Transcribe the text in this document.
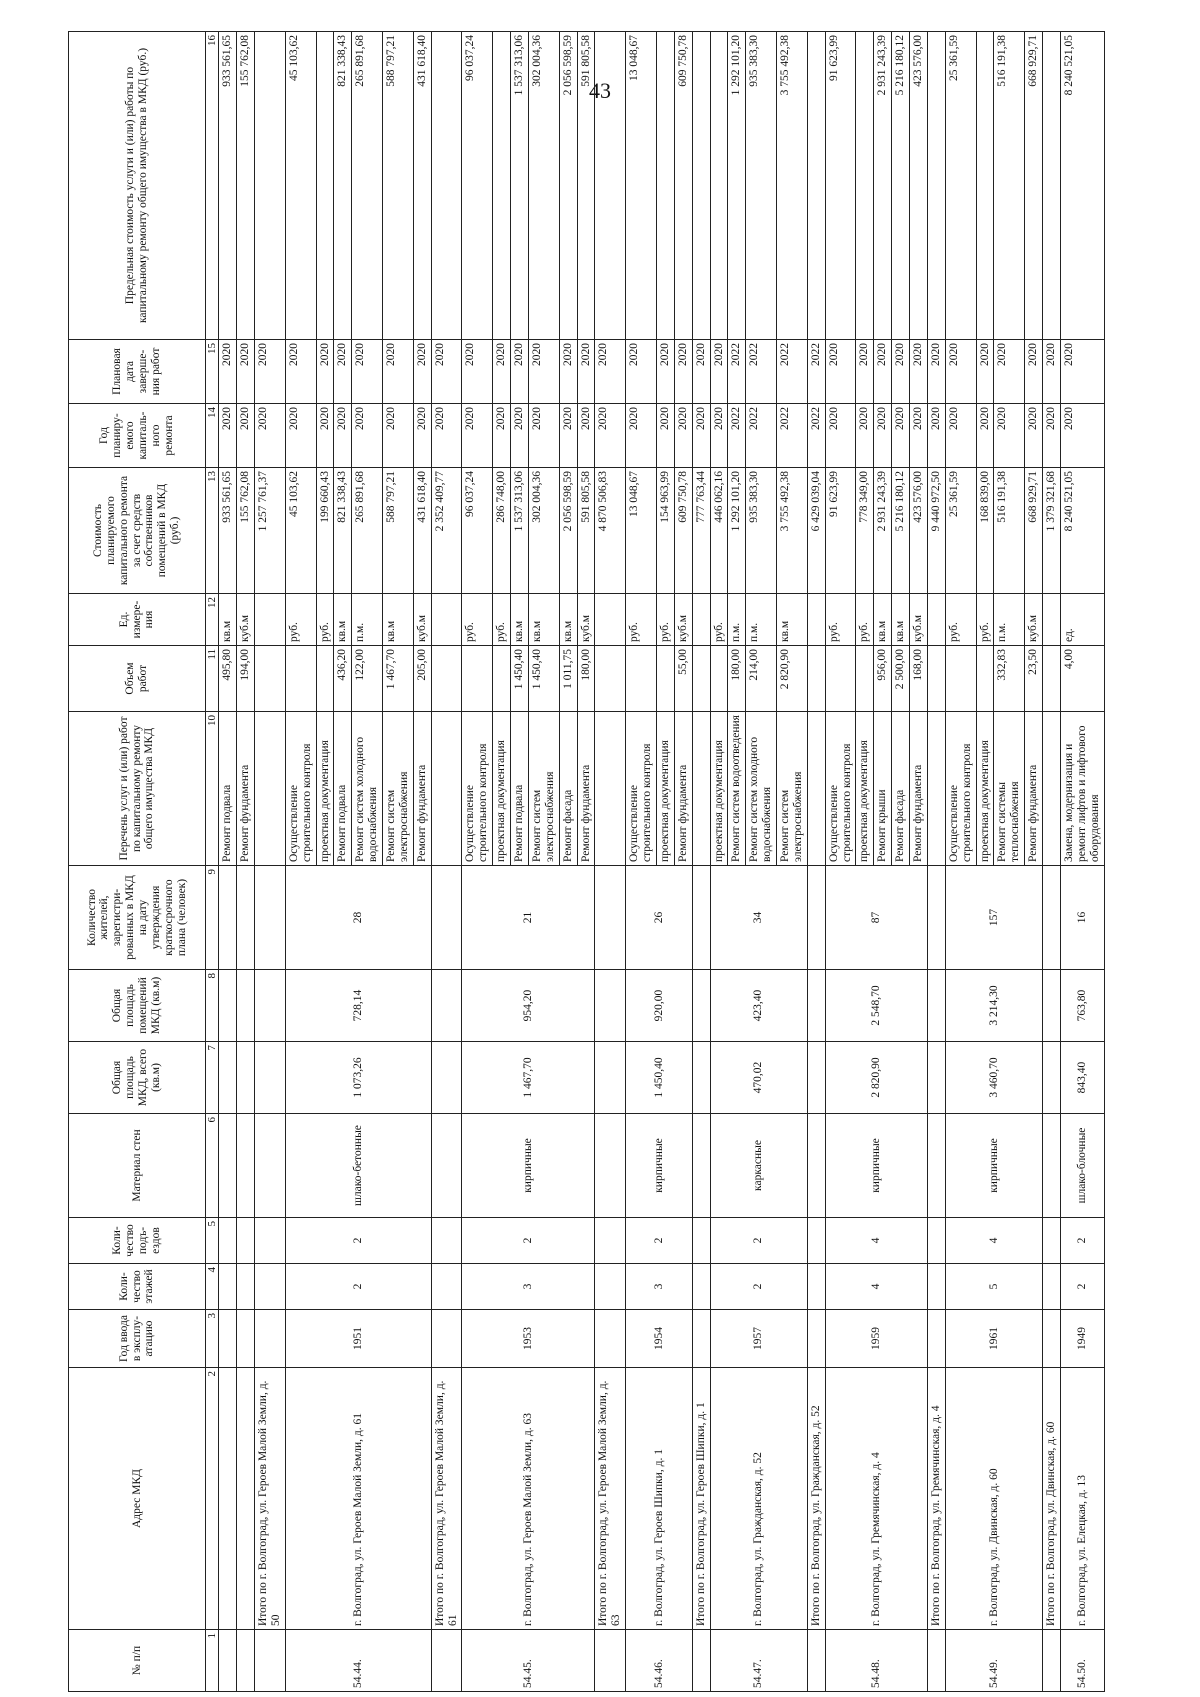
43
№ п/п	Адрес МКД	Год ввода в эксплу-атацию	Коли-чество этажей	Коли-чество подъ-ездов	Материал стен	Общая площадь МКД, всего (кв.м)	Общая площадь помещений МКД (кв.м)	Количество жителей, зарегистри-рованных в МКД на дату утверждения краткосрочного плана (человек)	Перечень услуг и (или) работ по капитальному ремонту общего имущества МКД	Объем работ	Ед. измере-ния	Стоимость планируемого капитального ремонта за счет средств собственников помещений в МКД (руб.)	Год планиру-емого капиталь-ного ремонта	Плановая дата заверше-ния работ	Предельная стоимость услуги и (или) работы по капитальному ремонту общего имущества в МКД (руб.)
1	2	3	4	5	6	7	8	9	10	11	12	13	14	15	16
									Ремонт подвала	495,80	кв.м	933 561,65	2020	2020	933 561,65
									Ремонт фундамента	194,00	куб.м	155 762,08	2020	2020	155 762,08
	Итого по г. Волгоград, ул. Героев Малой Земли, д. 50											1 257 761,37	2020	2020	
54.44.	г. Волгоград, ул. Героев Малой Земли, д. 61	1951	2	2	шлако-бетонные	1 073,26	728,14	28	Осуществление строительного контроля		руб.	45 103,62	2020	2020	45 103,62
									проектная документация		руб.	199 660,43	2020	2020	
									Ремонт подвала	436,20	кв.м	821 338,43	2020	2020	821 338,43
									Ремонт систем холодного водоснабжения	122,00	п.м.	265 891,68	2020	2020	265 891,68
									Ремонт систем электроснабжения	1 467,70	кв.м	588 797,21	2020	2020	588 797,21
									Ремонт фундамента	205,00	куб.м	431 618,40	2020	2020	431 618,40
	Итого по г. Волгоград, ул. Героев Малой Земли, д. 61											2 352 409,77	2020	2020	
54.45.	г. Волгоград, ул. Героев Малой Земли, д. 63	1953	3	2	кирпичные	1 467,70	954,20	21	Осуществление строительного контроля		руб.	96 037,24	2020	2020	96 037,24
									проектная документация		руб.	286 748,00	2020	2020	
									Ремонт подвала	1 450,40	кв.м	1 537 313,06	2020	2020	1 537 313,06
									Ремонт систем электроснабжения	1 450,40	кв.м	302 004,36	2020	2020	302 004,36
									Ремонт фасада	1 011,75	кв.м	2 056 598,59	2020	2020	2 056 598,59
									Ремонт фундамента	180,00	куб.м	591 805,58	2020	2020	591 805,58
	Итого по г. Волгоград, ул. Героев Малой Земли, д. 63											4 870 506,83	2020	2020	
54.46.	г. Волгоград, ул. Героев Шипки, д. 1	1954	3	2	кирпичные	1 450,40	920,00	26	Осуществление строительного контроля		руб.	13 048,67	2020	2020	13 048,67
									проектная документация		руб.	154 963,99	2020	2020	
									Ремонт фундамента	55,00	куб.м	609 750,78	2020	2020	609 750,78
	Итого по г. Волгоград, ул. Героев Шипки, д. 1											777 763,44	2020	2020	
54.47.	г. Волгоград, ул. Гражданская, д. 52	1957	2	2	каркасные	470,02	423,40	34	проектная документация		руб.	446 062,16	2020	2020	
									Ремонт систем водоотведения	180,00	п.м.	1 292 101,20	2022	2022	1 292 101,20
									Ремонт систем холодного водоснабжения	214,00	п.м.	935 383,30	2022	2022	935 383,30
									Ремонт систем электроснабжения	2 820,90	кв.м	3 755 492,38	2022	2022	3 755 492,38
	Итого по г. Волгоград, ул. Гражданская, д. 52											6 429 039,04	2022	2022	
54.48.	г. Волгоград, ул. Гремячинская, д. 4	1959	4	4	кирпичные	2 820,90	2 548,70	87	Осуществление строительного контроля		руб.	91 623,99	2020	2020	91 623,99
									проектная документация		руб.	778 349,00	2020	2020	
									Ремонт крыши	956,00	кв.м	2 931 243,39	2020	2020	2 931 243,39
									Ремонт фасада	2 500,00	кв.м	5 216 180,12	2020	2020	5 216 180,12
									Ремонт фундамента	168,00	куб.м	423 576,00	2020	2020	423 576,00
	Итого по г. Волгоград, ул. Гремячинская, д. 4											9 440 972,50	2020	2020	
54.49.	г. Волгоград, ул. Двинская, д. 60	1961	5	4	кирпичные	3 460,70	3 214,30	157	Осуществление строительного контроля		руб.	25 361,59	2020	2020	25 361,59
									проектная документация		руб.	168 839,00	2020	2020	
									Ремонт системы теплоснабжения	332,83	п.м.	516 191,38	2020	2020	516 191,38
									Ремонт фундамента	23,50	куб.м	668 929,71	2020	2020	668 929,71
	Итого по г. Волгоград, ул. Двинская, д. 60											1 379 321,68	2020	2020	
54.50.	г. Волгоград, ул. Елецкая, д. 13	1949	2	2	шлако-блочные	843,40	763,80	16	Замена, модернизация и ремонт лифтов и лифтового оборудования	4,00	ед.	8 240 521,05	2020	2020	8 240 521,05
